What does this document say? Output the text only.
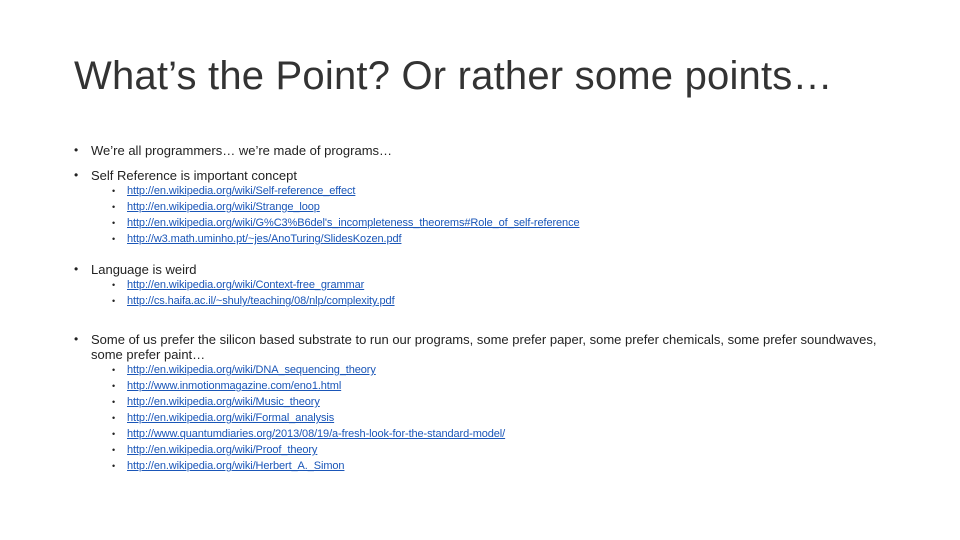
What’s the Point? Or rather some points…
• We’re all programmers… we’re made of programs…
• Self Reference is important concept
• http://en.wikipedia.org/wiki/Self-reference_effect
• http://en.wikipedia.org/wiki/Strange_loop
• http://en.wikipedia.org/wiki/G%C3%B6del's_incompleteness_theorems#Role_of_self-reference
• http://w3.math.uminho.pt/~jes/AnoTuring/SlidesKozen.pdf
• Language is weird
• http://en.wikipedia.org/wiki/Context-free_grammar
• http://cs.haifa.ac.il/~shuly/teaching/08/nlp/complexity.pdf
• Some of us prefer the silicon based substrate to run our programs, some prefer paper, some prefer chemicals, some prefer soundwaves, some prefer paint…
• http://en.wikipedia.org/wiki/DNA_sequencing_theory
• http://www.inmotionmagazine.com/eno1.html
• http://en.wikipedia.org/wiki/Music_theory
• http://en.wikipedia.org/wiki/Formal_analysis
• http://www.quantumdiaries.org/2013/08/19/a-fresh-look-for-the-standard-model/
• http://en.wikipedia.org/wiki/Proof_theory
• http://en.wikipedia.org/wiki/Herbert_A._Simon
